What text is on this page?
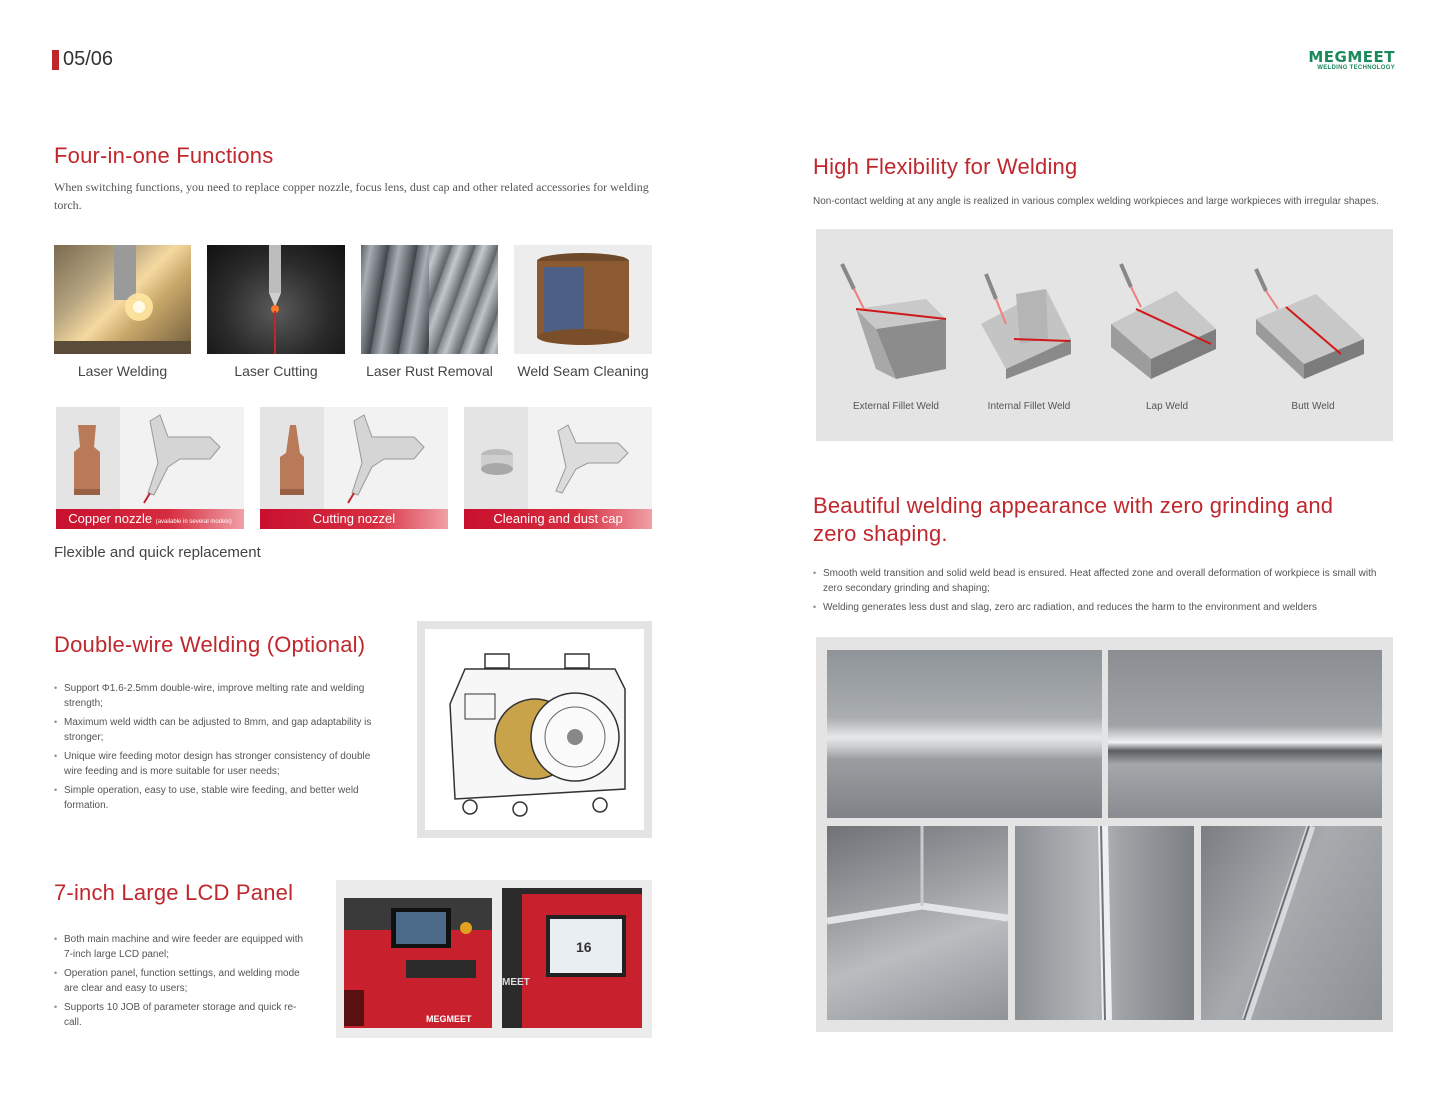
05/06	MEGMEET
WELDING TECHNOLOGY
Four-in-one Functions
When switching functions, you need to replace copper nozzle, focus lens, dust cap and other related accessories for welding torch.
Laser Welding	Laser Cutting	Laser Rust Removal	Weld Seam Cleaning
Copper nozzle (available in several models)	Cutting nozzel	Cleaning and dust cap
Flexible and quick replacement
Double-wire Welding (Optional)
• Support Φ1.6-2.5mm double-wire, improve melting rate and welding strength;
• Maximum weld width can be adjusted to 8mm, and gap adaptability is stronger;
• Unique wire feeding motor design has stronger consistency of double wire feeding and is more suitable for user needs;
• Simple operation, easy to use, stable wire feeding, and better weld formation.
7-inch Large LCD Panel
• Both main machine and wire feeder are equipped with 7-inch large LCD panel;
• Operation panel, function settings, and welding mode are clear and easy to users;
• Supports 10 JOB of parameter storage and quick re-call.	MEGMEET
16
MEET
High Flexibility for Welding
Non-contact welding at any angle is realized in various complex welding workpieces and large workpieces with irregular shapes.
External Fillet Weld	Internal Fillet Weld	Lap Weld	Butt Weld
Beautiful welding appearance with zero grinding and
zero shaping.
• Smooth weld transition and solid weld bead is ensured. Heat affected zone and overall deformation of workpiece is small with zero secondary grinding and shaping;
• Welding generates less dust and slag, zero arc radiation, and reduces the harm to the environment and welders
